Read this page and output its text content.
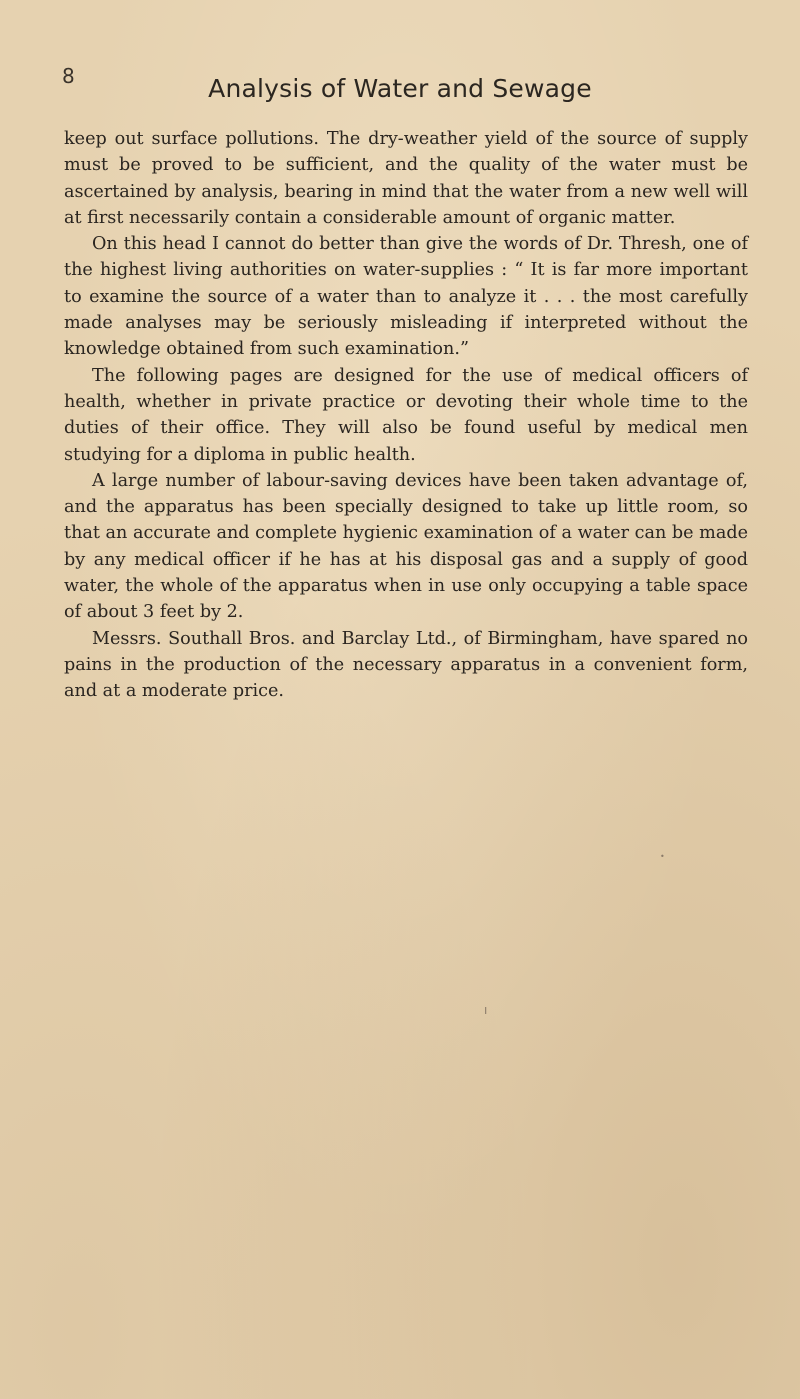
8	Analysis of Water and Sewage

keep out surface pollutions. The dry-weather yield of the source of supply must be proved to be sufficient, and the quality of the water must be ascertained by analysis, bearing in mind that the water from a new well will at first necessarily contain a considerable amount of organic matter.

On this head I cannot do better than give the words of Dr. Thresh, one of the highest living authorities on water-supplies : “ It is far more important to examine the source of a water than to analyze it . . . the most carefully made analyses may be seriously misleading if interpreted without the knowledge obtained from such examination.”

The following pages are designed for the use of medical officers of health, whether in private practice or devoting their whole time to the duties of their office. They will also be found useful by medical men studying for a diploma in public health.

A large number of labour-saving devices have been taken advantage of, and the apparatus has been specially designed to take up little room, so that an accurate and complete hygienic examination of a water can be made by any medical officer if he has at his disposal gas and a supply of good water, the whole of the apparatus when in use only occupying a table space of about 3 feet by 2.

Messrs. Southall Bros. and Barclay Ltd., of Birmingham, have spared no pains in the production of the necessary apparatus in a convenient form, and at a moderate price.

ı
•
